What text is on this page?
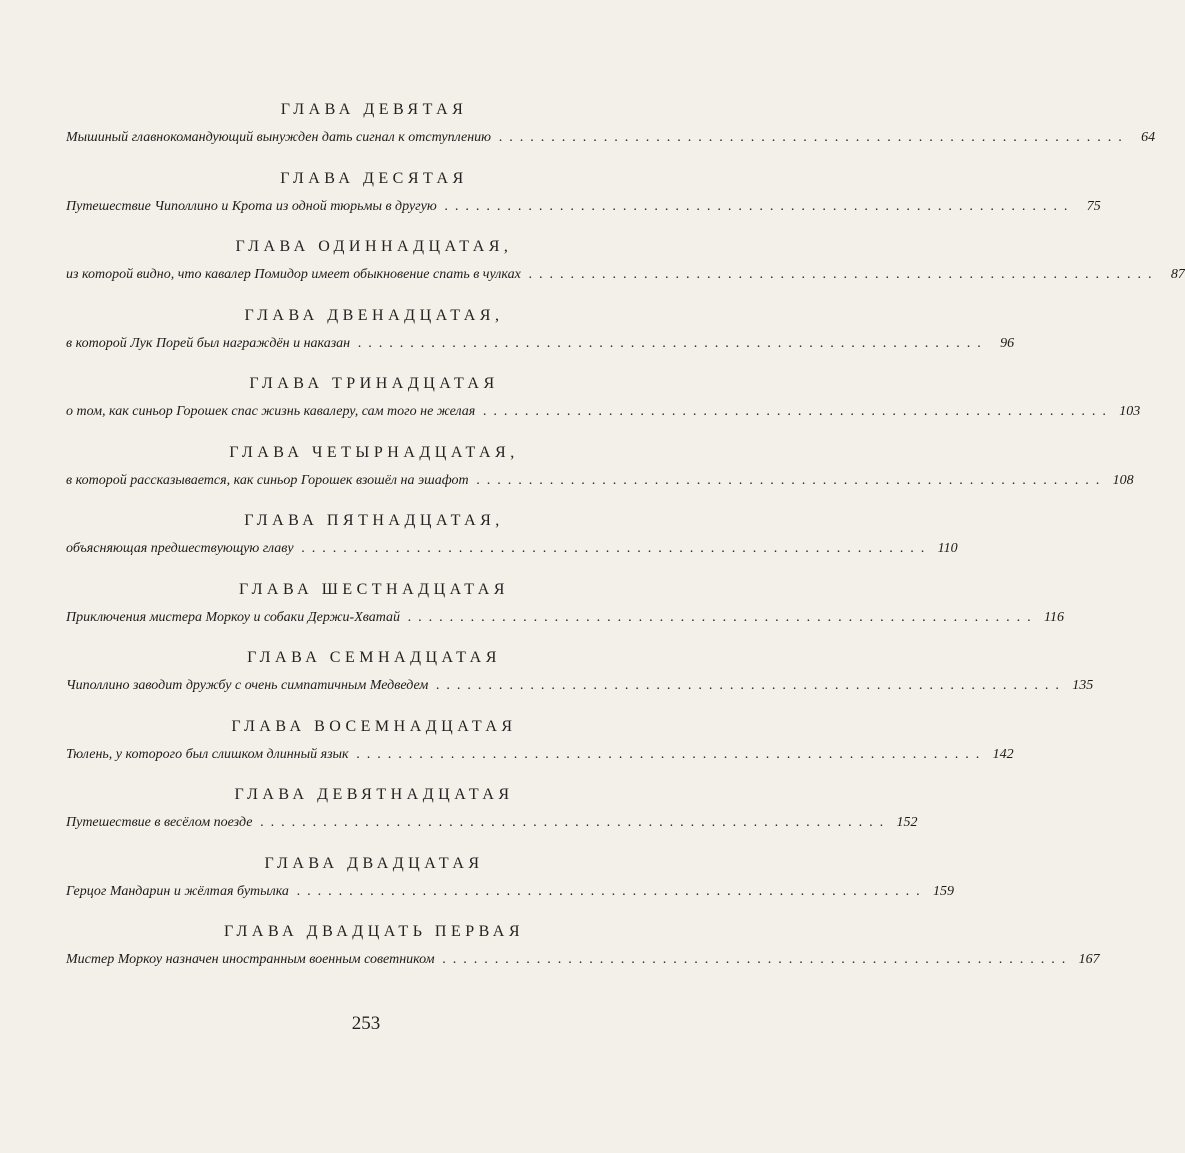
ГЛАВА ДЕВЯТАЯ
Мышиный главнокомандующий вынужден дать сигнал к отступлению ............................................................ 64
ГЛАВА ДЕСЯТАЯ
Путешествие Чиполлино и Крота из одной тюрьмы в другую ............................................................ 75
ГЛАВА ОДИННАДЦАТАЯ,
из которой видно, что кавалер Помидор имеет обыкновение спать в чулках ............................................................ 87
ГЛАВА ДВЕНАДЦАТАЯ,
в которой Лук Порей был награждён и наказан ............................................................ 96
ГЛАВА ТРИНАДЦАТАЯ
о том, как синьор Горошек спас жизнь кавалеру, сам того не желая ............................................................ 103
ГЛАВА ЧЕТЫРНАДЦАТАЯ,
в которой рассказывается, как синьор Горошек взошёл на эшафот ............................................................ 108
ГЛАВА ПЯТНАДЦАТАЯ,
объясняющая предшествующую главу ............................................................ 110
ГЛАВА ШЕСТНАДЦАТАЯ
Приключения мистера Моркоу и собаки Держи-Хватай ............................................................ 116
ГЛАВА СЕМНАДЦАТАЯ
Чиполлино заводит дружбу с очень симпатичным Медведем ............................................................ 135
ГЛАВА ВОСЕМНАДЦАТАЯ
Тюлень, у которого был слишком длинный язык ............................................................ 142
ГЛАВА ДЕВЯТНАДЦАТАЯ
Путешествие в весёлом поезде ............................................................ 152
ГЛАВА ДВАДЦАТАЯ
Герцог Мандарин и жёлтая бутылка ............................................................ 159
ГЛАВА ДВАДЦАТЬ ПЕРВАЯ
Мистер Моркоу назначен иностранным военным советником ............................................................ 167
253
